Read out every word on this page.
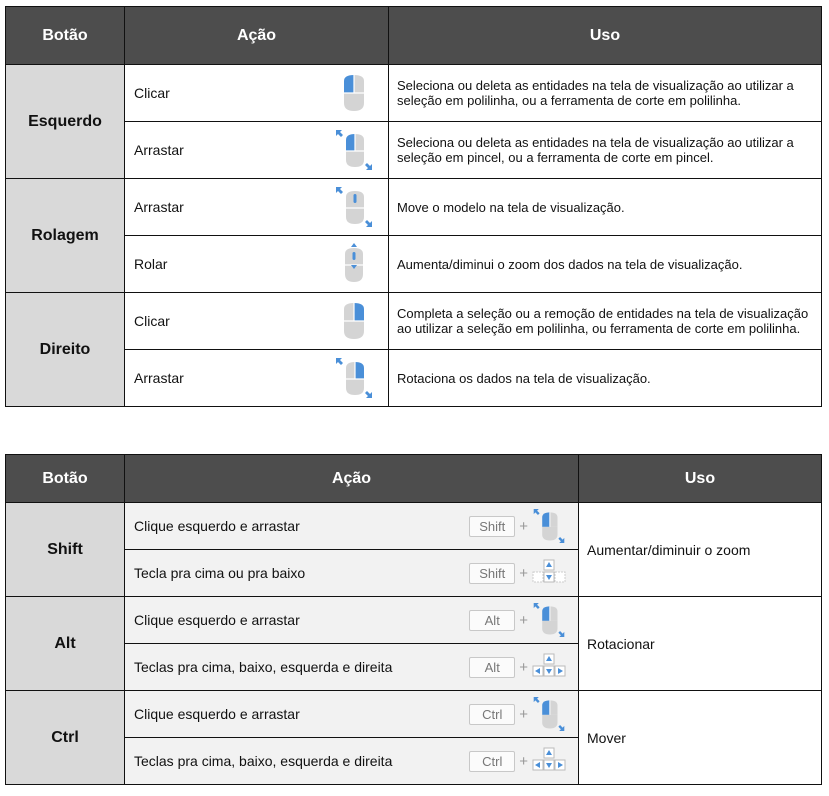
Botão	Ação	Uso
Esquerdo	Clicar	Seleciona ou deleta as entidades na tela de visualização ao utilizar a seleção em polilinha, ou a ferramenta de corte em polilinha.

	Arrastar	Seleciona ou deleta as entidades na tela de visualização ao utilizar a seleção em pincel, ou a ferramenta de corte em pincel.
Rolagem	Arrastar	Move o modelo na tela de visualização.

	Rolar	Aumenta/diminui o zoom dos dados na tela de visualização.
Direito	Clicar	Completa a seleção ou a remoção de entidades na tela de visualização ao utilizar a seleção em polilinha, ou ferramenta de corte em polilinha.

	Arrastar	Rotaciona os dados na tela de visualização.
Botão	Ação	Uso
Shift	Clique esquerdo e arrastar Shift +	Aumentar/diminuir o zoom

	Tecla pra cima ou pra baixo Shift +	

Alt	Clique esquerdo e arrastar Alt +	Rotacionar

	Teclas pra cima, baixo, esquerda e direita Alt +	

Ctrl	Clique esquerdo e arrastar Ctrl +	Mover

	Teclas pra cima, baixo, esquerda e direita Ctrl +	
